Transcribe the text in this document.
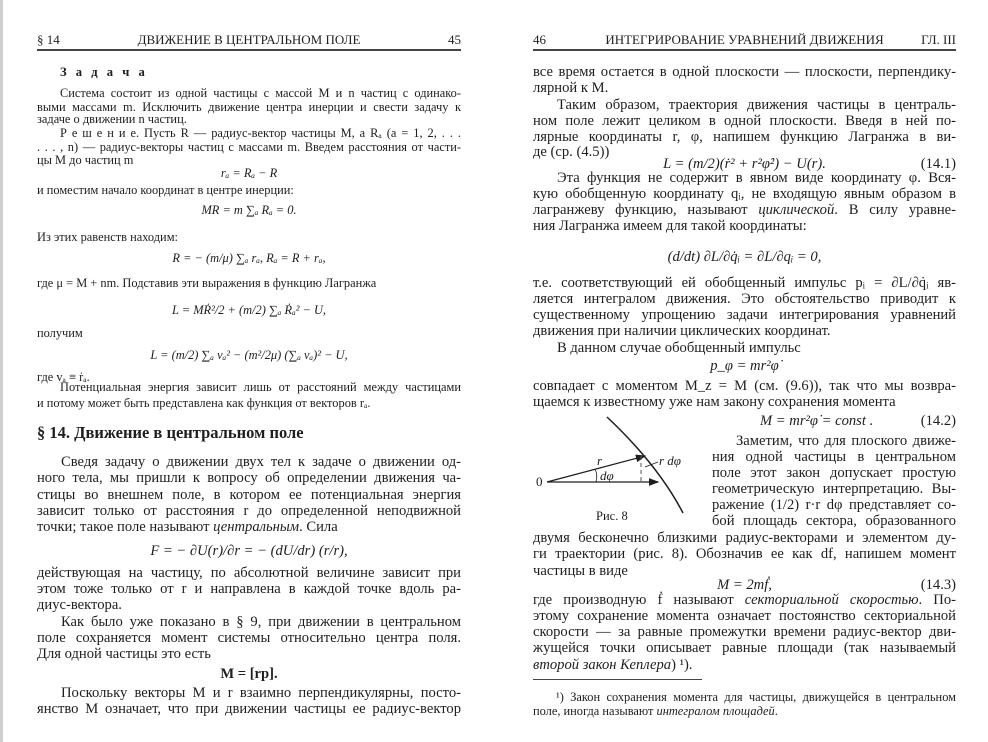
§ 14	ДВИЖЕНИЕ В ЦЕНТРАЛЬНОМ ПОЛЕ	45
З а д а ч а
Система состоит из одной частицы с массой M и n частиц с одинако-
выми массами m. Исключить движение центра инерции и свести задачу к
задаче о движении n частиц.
Р е ш е н и е. Пусть R — радиус-вектор частицы M, а Rₐ (a = 1, 2, . . .
. . . , n) — радиус-векторы частиц с массами m. Введем расстояния от части-
цы M до частиц m
rₐ = Rₐ − R
и поместим начало координат в центре инерции:
MR = m ∑ₐ Rₐ = 0.
Из этих равенств находим:
R = − (m/μ) ∑ₐ rₐ, Rₐ = R + rₐ,
где μ = M + nm. Подставив эти выражения в функцию Лагранжа
L = MṘ²/2 + (m/2) ∑ₐ Ṙₐ² − U,
получим
L = (m/2) ∑ₐ vₐ² − (m²/2μ) (∑ₐ vₐ)² − U,
где vₐ ≡ ṙₐ.
Потенциальная энергия зависит лишь от расстояний между частицами
и потому может быть представлена как функция от векторов rₐ.
§ 14. Движение в центральном поле
Сведя задачу о движении двух тел к задаче о движении од-
ного тела, мы пришли к вопросу об определении движения ча-
стицы во внешнем поле, в котором ее потенциальная энергия
зависит только от расстояния r до определенной неподвижной
точки; такое поле называют центральным. Сила
F = − ∂U(r)/∂r = − (dU/dr) (r/r),
действующая на частицу, по абсолютной величине зависит при
этом тоже только от r и направлена в каждой точке вдоль ра-
диус-вектора.
Как было уже показано в § 9, при движении в центральном
поле сохраняется момент системы относительно центра поля.
Для одной частицы это есть
M = [rp].
Поскольку векторы M и r взаимно перпендикулярны, посто-
янство M означает, что при движении частицы ее радиус-вектор
46	ИНТЕГРИРОВАНИЕ УРАВНЕНИЙ ДВИЖЕНИЯ	ГЛ. III
все время остается в одной плоскости — плоскости, перпендику-
лярной к M.
Таким образом, траектория движения частицы в централь-
ном поле лежит целиком в одной плоскости. Введя в ней по-
лярные координаты r, φ, напишем функцию Лагранжа в ви-
де (ср. (4.5))
L = (m/2)(ṙ² + r²φ̇²) − U(r).	(14.1)
Эта функция не содержит в явном виде координату φ. Вся-
кую обобщенную координату qᵢ, не входящую явным образом в
лагранжеву функцию, называют циклической. В силу уравне-
ния Лагранжа имеем для такой координаты:
(d/dt) ∂L/∂q̇ᵢ = ∂L/∂qᵢ = 0,
т.е. соответствующий ей обобщенный импульс pᵢ = ∂L/∂q̇ᵢ яв-
ляется интегралом движения. Это обстоятельство приводит к
существенному упрощению задачи интегрирования уравнений
движения при наличии циклических координат.
В данном случае обобщенный импульс
p_φ = mr²φ̇
совпадает с моментом M_z = M (см. (9.6)), так что мы возвра-
щаемся к известному уже нам закону сохранения момента
M = mr²φ̇ = const .	(14.2)
Заметим, что для плоского движе-
ния одной частицы в центральном
поле этот закон допускает простую
геометрическую интерпретацию. Вы-
ражение (1/2) r·r dφ представляет со-
бой площадь сектора, образованного
0
r
dφ
r dφ
Рис. 8
двумя бесконечно близкими радиус-векторами и элементом ду-
ги траектории (рис. 8). Обозначив ее как df, напишем момент
частицы в виде
M = 2mḟ,	(14.3)
где производную ḟ называют секториальной скоростью. По-
этому сохранение момента означает постоянство секториальной
скорости — за равные промежутки времени радиус-вектор дви-
жущейся точки описывает равные площади (так называемый
второй закон Кеплера) ¹).
¹) Закон сохранения момента для частицы, движущейся в центральном
поле, иногда называют интегралом площадей.
